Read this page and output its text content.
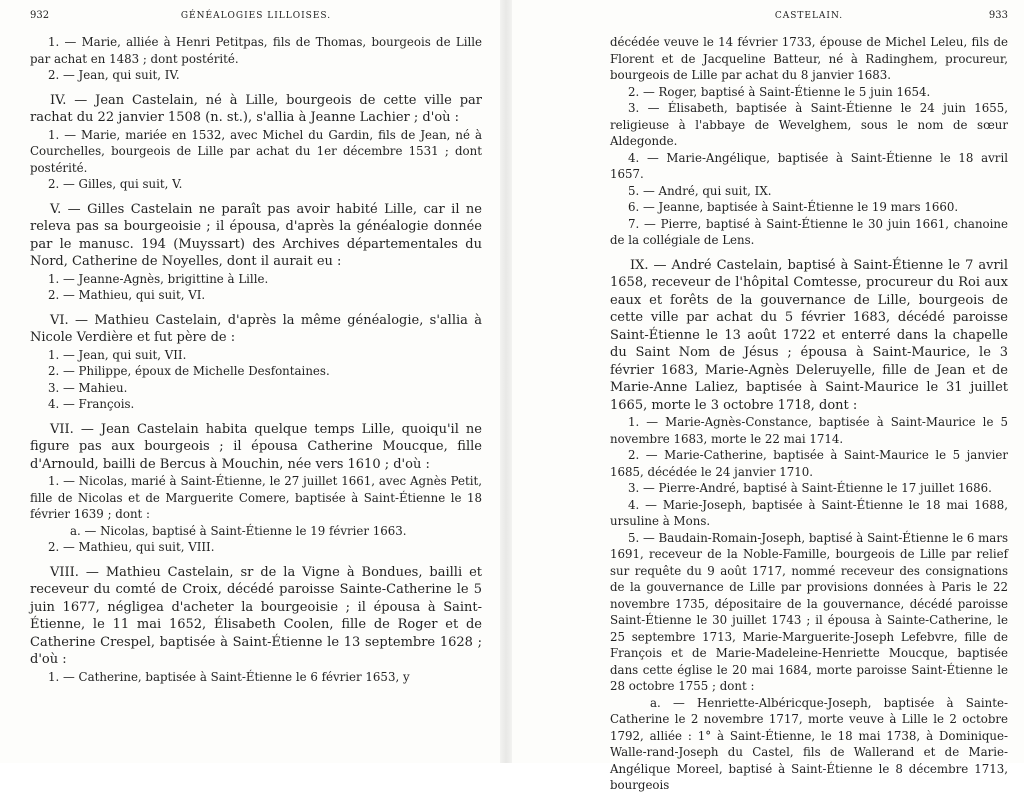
932	GÉNÉALOGIES LILLOISES.

1. — Marie, alliée à Henri Petitpas, fils de Thomas, bourgeois de Lille par achat en 1483 ; dont postérité.

2. — Jean, qui suit, IV.

IV. — Jean Castelain, né à Lille, bourgeois de cette ville par rachat du 22 janvier 1508 (n. st.), s'allia à Jeanne Lachier ; d'où :

1. — Marie, mariée en 1532, avec Michel du Gardin, fils de Jean, né à Courchelles, bourgeois de Lille par achat du 1er décembre 1531 ; dont postérité.

2. — Gilles, qui suit, V.

V. — Gilles Castelain ne paraît pas avoir habité Lille, car il ne releva pas sa bourgeoisie ; il épousa, d'après la généalogie donnée par le manusc. 194 (Muyssart) des Archives départementales du Nord, Catherine de Noyelles, dont il aurait eu :

1. — Jeanne-Agnès, brigittine à Lille.

2. — Mathieu, qui suit, VI.

VI. — Mathieu Castelain, d'après la même généalogie, s'allia à Nicole Verdière et fut père de :

1. — Jean, qui suit, VII.

2. — Philippe, époux de Michelle Desfontaines.

3. — Mahieu.

4. — François.

VII. — Jean Castelain habita quelque temps Lille, quoiqu'il ne figure pas aux bourgeois ; il épousa Catherine Moucque, fille d'Arnould, bailli de Bercus à Mouchin, née vers 1610 ; d'où :

1. — Nicolas, marié à Saint-Étienne, le 27 juillet 1661, avec Agnès Petit, fille de Nicolas et de Marguerite Comere, baptisée à Saint-Étienne le 18 février 1639 ; dont :

a. — Nicolas, baptisé à Saint-Étienne le 19 février 1663.

2. — Mathieu, qui suit, VIII.

VIII. — Mathieu Castelain, sr de la Vigne à Bondues, bailli et receveur du comté de Croix, décédé paroisse Sainte-Catherine le 5 juin 1677, négligea d'acheter la bourgeoisie ; il épousa à Saint-Étienne, le 11 mai 1652, Élisabeth Coolen, fille de Roger et de Catherine Crespel, baptisée à Saint-Étienne le 13 septembre 1628 ; d'où :

1. — Catherine, baptisée à Saint-Étienne le 6 février 1653, y

CASTELAIN.	933

décédée veuve le 14 février 1733, épouse de Michel Leleu, fils de Florent et de Jacqueline Batteur, né à Radinghem, procureur, bourgeois de Lille par achat du 8 janvier 1683.

2. — Roger, baptisé à Saint-Étienne le 5 juin 1654.

3. — Élisabeth, baptisée à Saint-Étienne le 24 juin 1655, religieuse à l'abbaye de Wevelghem, sous le nom de sœur Aldegonde.

4. — Marie-Angélique, baptisée à Saint-Étienne le 18 avril 1657.

5. — André, qui suit, IX.

6. — Jeanne, baptisée à Saint-Étienne le 19 mars 1660.

7. — Pierre, baptisé à Saint-Étienne le 30 juin 1661, chanoine de la collégiale de Lens.

IX. — André Castelain, baptisé à Saint-Étienne le 7 avril 1658, receveur de l'hôpital Comtesse, procureur du Roi aux eaux et forêts de la gouvernance de Lille, bourgeois de cette ville par achat du 5 février 1683, décédé paroisse Saint-Étienne le 13 août 1722 et enterré dans la chapelle du Saint Nom de Jésus ; épousa à Saint-Maurice, le 3 février 1683, Marie-Agnès Deleruyelle, fille de Jean et de Marie-Anne Laliez, baptisée à Saint-Maurice le 31 juillet 1665, morte le 3 octobre 1718, dont :

1. — Marie-Agnès-Constance, baptisée à Saint-Maurice le 5 novembre 1683, morte le 22 mai 1714.

2. — Marie-Catherine, baptisée à Saint-Maurice le 5 janvier 1685, décédée le 24 janvier 1710.

3. — Pierre-André, baptisé à Saint-Étienne le 17 juillet 1686.

4. — Marie-Joseph, baptisée à Saint-Étienne le 18 mai 1688, ursuline à Mons.

5. — Baudain-Romain-Joseph, baptisé à Saint-Étienne le 6 mars 1691, receveur de la Noble-Famille, bourgeois de Lille par relief sur requête du 9 août 1717, nommé receveur des consignations de la gouvernance de Lille par provisions données à Paris le 22 novembre 1735, dépositaire de la gouvernance, décédé paroisse Saint-Étienne le 30 juillet 1743 ; il épousa à Sainte-Catherine, le 25 septembre 1713, Marie-Marguerite-Joseph Lefebvre, fille de François et de Marie-Madeleine-Henriette Moucque, baptisée dans cette église le 20 mai 1684, morte paroisse Saint-Étienne le 28 octobre 1755 ; dont :

a. — Henriette-Albéricque-Joseph, baptisée à Sainte-Catherine le 2 novembre 1717, morte veuve à Lille le 2 octobre 1792, alliée : 1° à Saint-Étienne, le 18 mai 1738, à Dominique-Walle-rand-Joseph du Castel, fils de Wallerand et de Marie-Angélique Moreel, baptisé à Saint-Étienne le 8 décembre 1713, bourgeois
